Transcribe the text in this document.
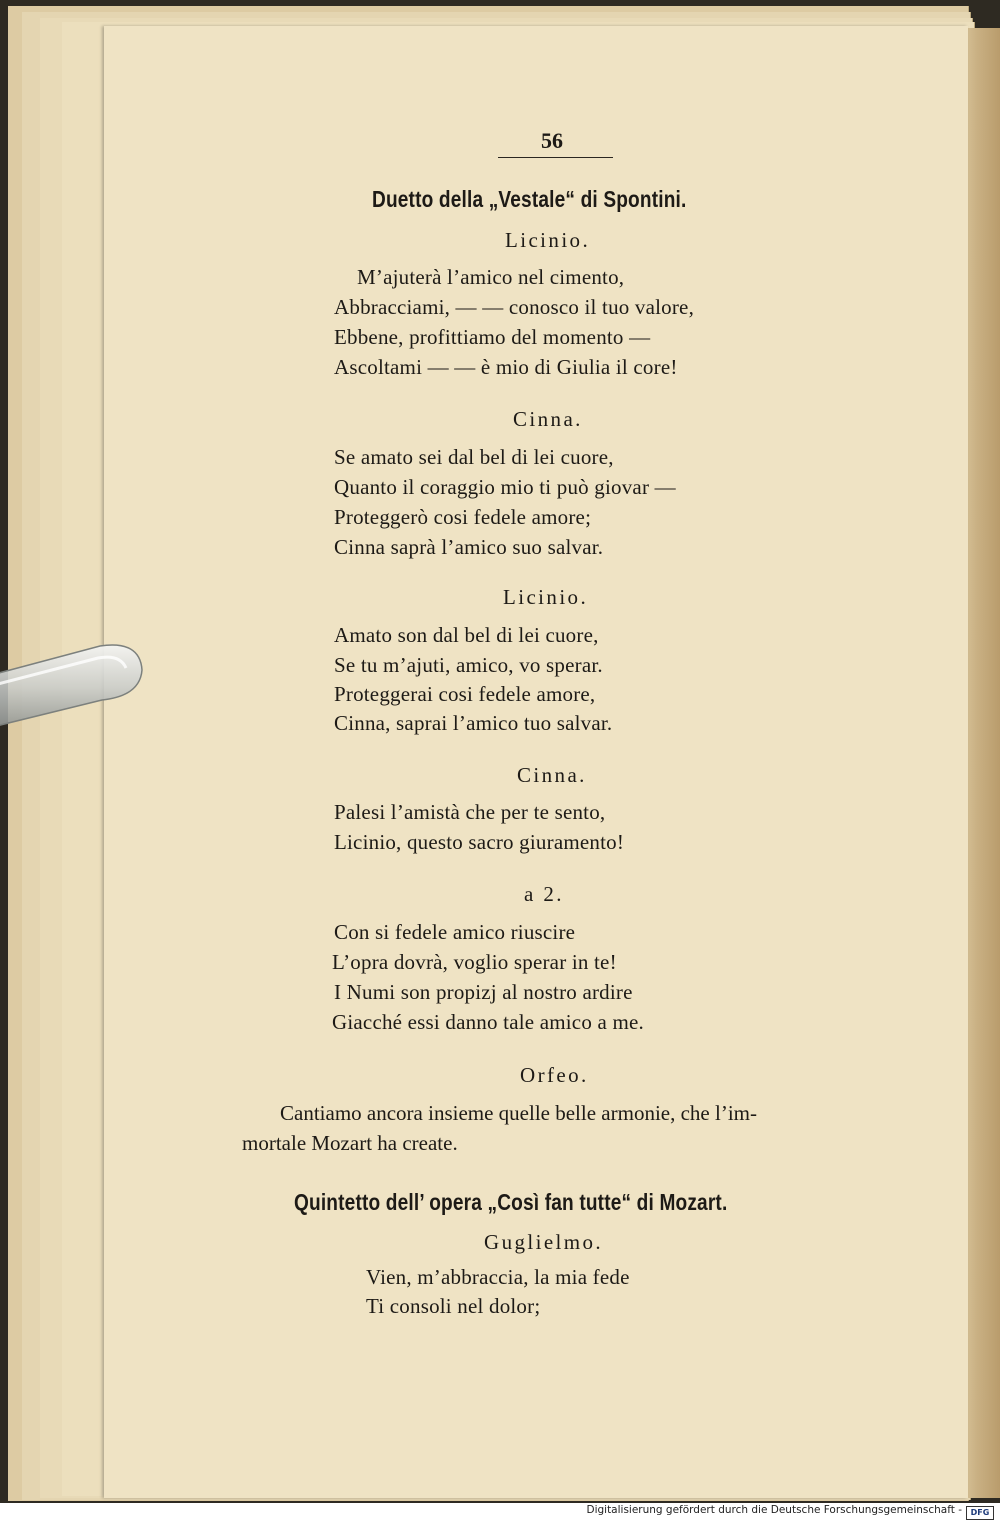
56
Duetto della „Vestale“ di Spontini.
Licinio.
M’ajuterà l’amico nel cimento,
Abbracciami, — — conosco il tuo valore,
Ebbene, profittiamo del momento —
Ascoltami — — è mio di Giulia il core!
Cinna.
Se amato sei dal bel di lei cuore,
Quanto il coraggio mio ti può giovar —
Proteggerò cosi fedele amore;
Cinna saprà l’amico suo salvar.
Licinio.
Amato son dal bel di lei cuore,
Se tu m’ajuti, amico, vo sperar.
Proteggerai cosi fedele amore,
Cinna, saprai l’amico tuo salvar.
Cinna.
Palesi l’amistà che per te sento,
Licinio, questo sacro giuramento!
a 2.
Con si fedele amico riuscire
L’opra dovrà, voglio sperar in te!
I Numi son propizj al nostro ardire
Giacché essi danno tale amico a me.
Orfeo.
Cantiamo ancora insieme quelle belle armonie, che l’im-
mortale Mozart ha create.
Quintetto dell’ opera „Così fan tutte“ di Mozart.
Guglielmo.
Vien, m’abbraccia, la mia fede
Ti consoli nel dolor;
Digitalisierung gefördert durch die Deutsche Forschungsgemeinschaft -	DFG
